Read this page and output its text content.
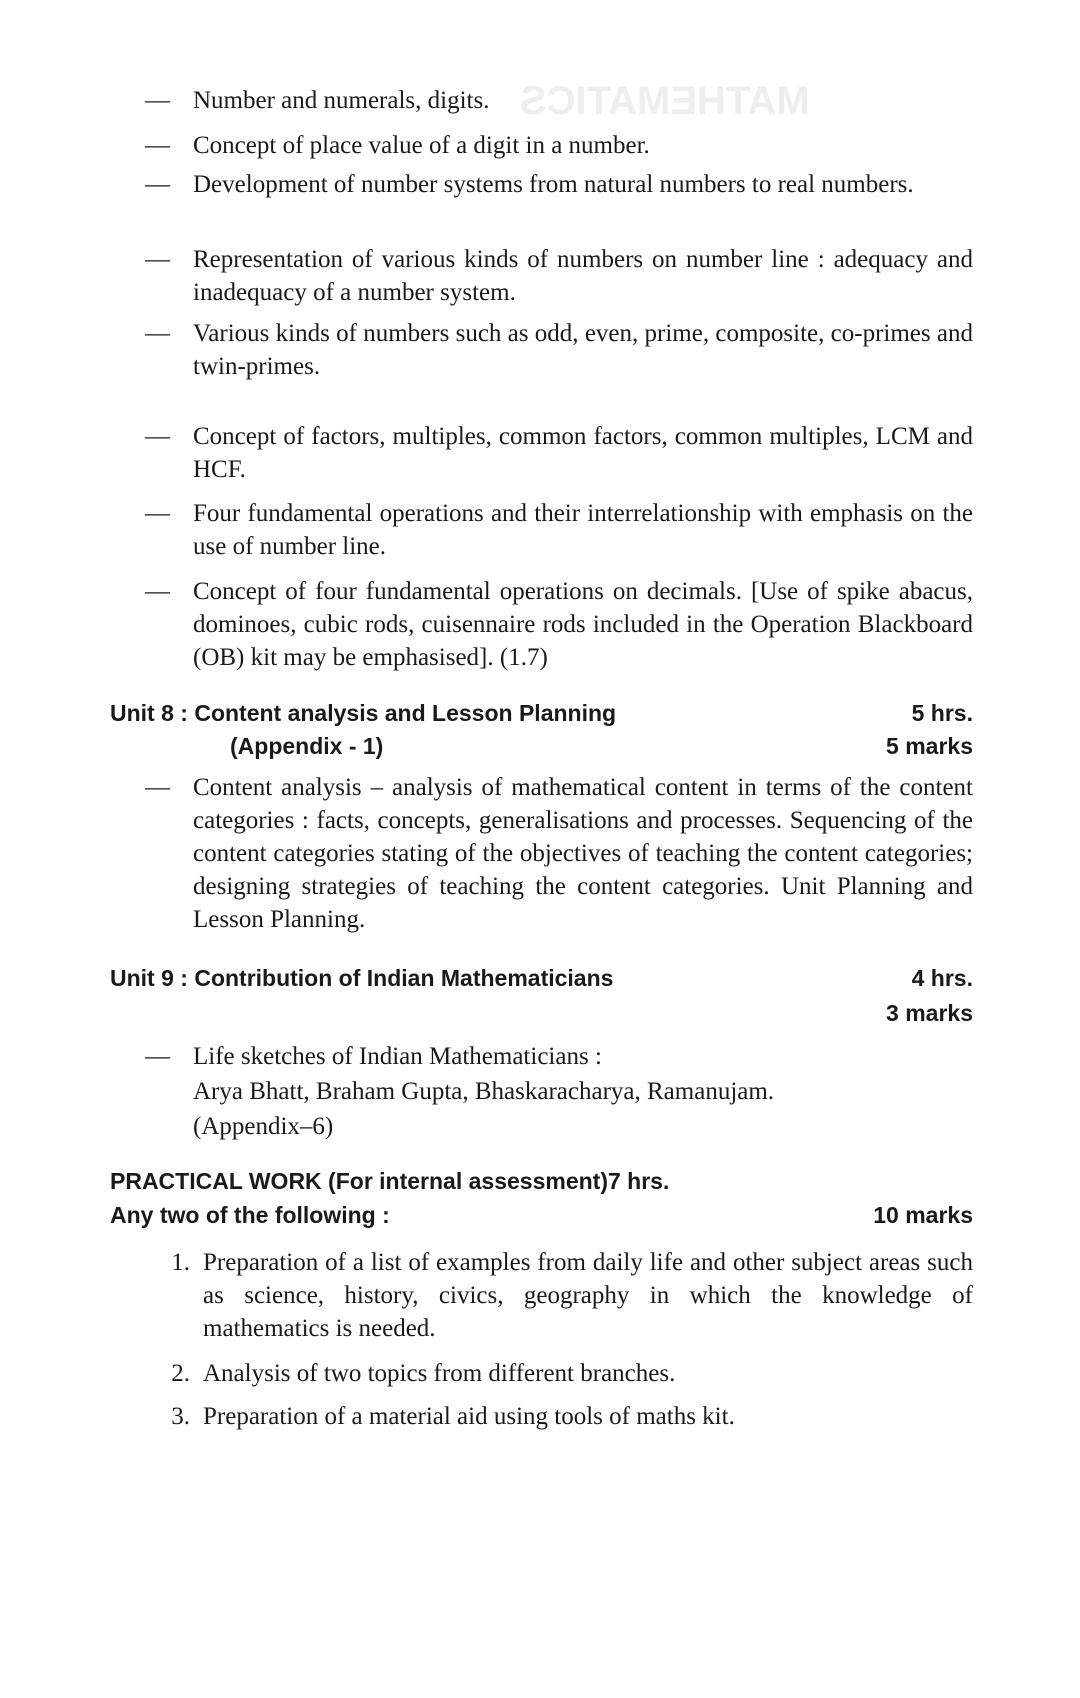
MATHEMATICS
— Number and numerals, digits.
— Concept of place value of a digit in a number.
— Development of number systems from natural numbers to real numbers.
— Representation of various kinds of numbers on number line : adequacy and inadequacy of a number system.
— Various kinds of numbers such as odd, even, prime, composite, co-primes and twin-primes.
— Concept of factors, multiples, common factors, common multiples, LCM and HCF.
— Four fundamental operations and their interrelationship with emphasis on the use of number line.
— Concept of four fundamental operations on decimals. [Use of spike abacus, dominoes, cubic rods, cuisennaire rods included in the Operation Blackboard (OB) kit may be emphasised]. (1.7)
Unit 8 : Content analysis and Lesson Planning	5 hrs.
(Appendix - 1)	5 marks
— Content analysis – analysis of mathematical content in terms of the content categories : facts, concepts, generalisations and processes. Sequencing of the content categories stating of the objectives of teaching the content categories; designing strategies of teaching the content categories. Unit Planning and Lesson Planning.
Unit 9 : Contribution of Indian Mathematicians	4 hrs.
3 marks
— Life sketches of Indian Mathematicians :
Arya Bhatt, Braham Gupta, Bhaskaracharya, Ramanujam.
(Appendix–6)
PRACTICAL WORK (For internal assessment)7 hrs.
Any two of the following :	10 marks
1. Preparation of a list of examples from daily life and other subject areas such as science, history, civics, geography in which the knowledge of mathematics is needed.
2. Analysis of two topics from different branches.
3. Preparation of a material aid using tools of maths kit.
